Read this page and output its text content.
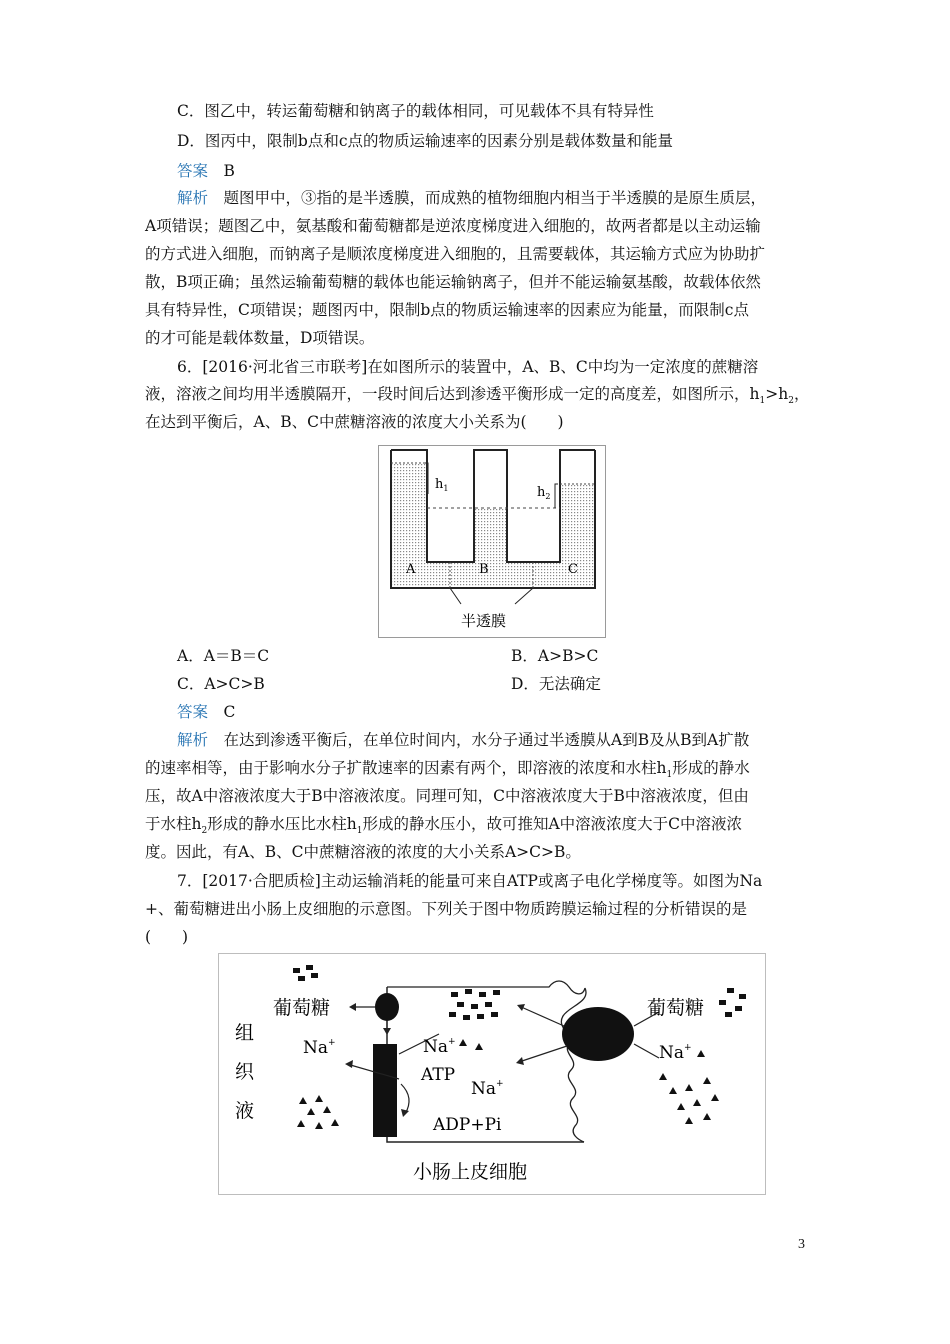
C．图乙中，转运葡萄糖和钠离子的载体相同，可见载体不具有特异性
D．图丙中，限制b点和c点的物质运输速率的因素分别是载体数量和能量
答案　 B
解析　 题图甲中，③指的是半透膜，而成熟的植物细胞内相当于半透膜的是原生质层，
A项错误；题图乙中，氨基酸和葡萄糖都是逆浓度梯度进入细胞的，故两者都是以主动运输
的方式进入细胞，而钠离子是顺浓度梯度进入细胞的，且需要载体，其运输方式应为协助扩
散，B项正确；虽然运输葡萄糖的载体也能运输钠离子，但并不能运输氨基酸，故载体依然
具有特异性，C项错误；题图丙中，限制b点的物质运输速率的因素应为能量，而限制c点
的才可能是载体数量，D项错误。
6．[2016·河北省三市联考]在如图所示的装置中，A、B、C中均为一定浓度的蔗糖溶
液，溶液之间均用半透膜隔开，一段时间后达到渗透平衡形成一定的高度差，如图所示，$h_1>h_2$，
在达到平衡后，A、B、C中蔗糖溶液的浓度大小关系为(　　)
$h_1$	$h_2$
A	B	C
半透膜
A．A＝B＝C	B．A>B>C
C．A>C>B	D．无法确定
答案　 C
解析　 在达到渗透平衡后，在单位时间内，水分子通过半透膜从A到B及从B到A扩散
的速率相等，由于影响水分子扩散速率的因素有两个，即溶液的浓度和水柱$h_1$形成的静水
压，故A中溶液浓度大于B中溶液浓度。同理可知，C中溶液浓度大于B中溶液浓度，但由
于水柱$h_2$形成的静水压比水柱$h_1$形成的静水压小，故可推知A中溶液浓度大于C中溶液浓
度。因此，有A、B、C中蔗糖溶液的浓度的大小关系A>C>B。
7．[2017·合肥质检]主动运输消耗的能量可来自ATP或离子电化学梯度等。如图为Na
+、葡萄糖进出小肠上皮细胞的示意图。下列关于图中物质跨膜运输过程的分析错误的是
(　　)
葡萄糖	葡萄糖
组
织
液
Na+	Na+
Na+
Na+
ATP
ADP+Pi
小肠上皮细胞
3
